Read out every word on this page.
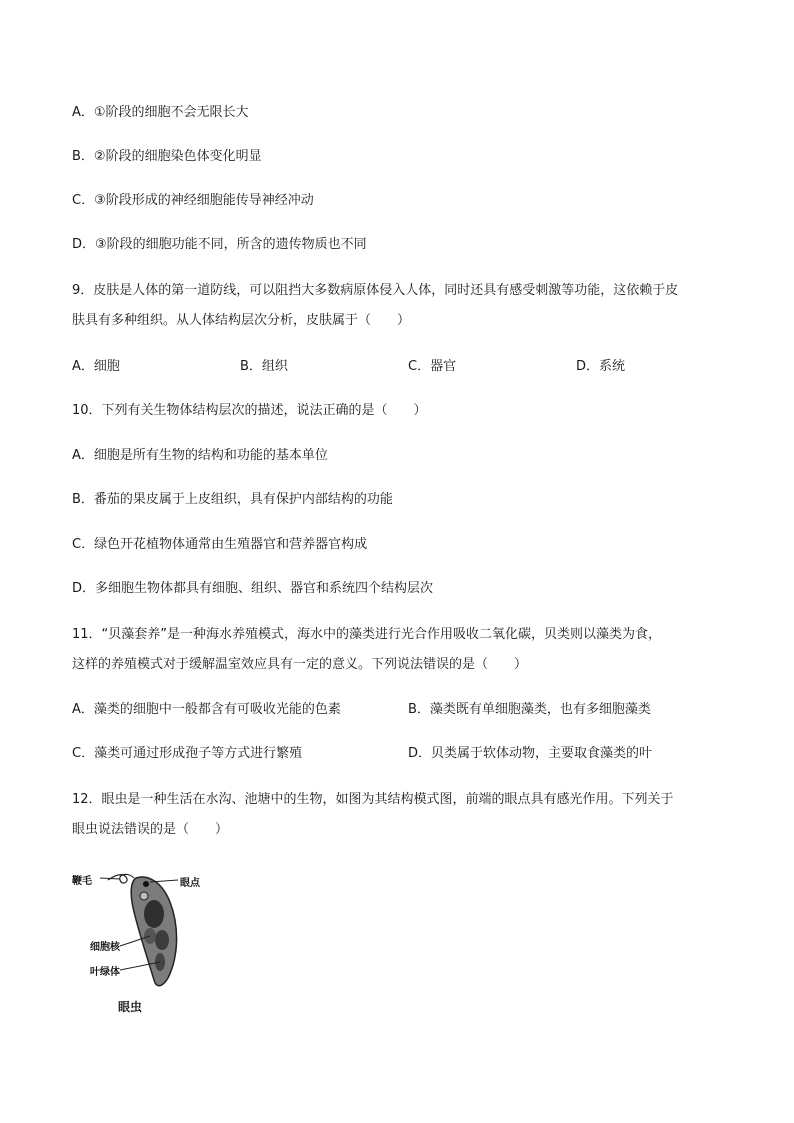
A．①阶段的细胞不会无限长大
B．②阶段的细胞染色体变化明显
C．③阶段形成的神经细胞能传导神经冲动
D．③阶段的细胞功能不同，所含的遗传物质也不同
9．皮肤是人体的第一道防线，可以阻挡大多数病原体侵入人体，同时还具有感受刺激等功能，这依赖于皮
肤具有多种组织。从人体结构层次分析，皮肤属于（　　）
A．细胞	B．组织	C．器官	D．系统
10．下列有关生物体结构层次的描述，说法正确的是（　　）
A．细胞是所有生物的结构和功能的基本单位
B．番茄的果皮属于上皮组织，具有保护内部结构的功能
C．绿色开花植物体通常由生殖器官和营养器官构成
D．多细胞生物体都具有细胞、组织、器官和系统四个结构层次
11．“贝藻套养”是一种海水养殖模式，海水中的藻类进行光合作用吸收二氧化碳，贝类则以藻类为食，
这样的养殖模式对于缓解温室效应具有一定的意义。下列说法错误的是（　　）
A．藻类的细胞中一般都含有可吸收光能的色素	B．藻类既有单细胞藻类，也有多细胞藻类
C．藻类可通过形成孢子等方式进行繁殖	D．贝类属于软体动物，主要取食藻类的叶
12．眼虫是一种生活在水沟、池塘中的生物，如图为其结构模式图，前端的眼点具有感光作用。下列关于
眼虫说法错误的是（　　）
鞭毛	眼点
细胞核
叶绿体
眼虫
